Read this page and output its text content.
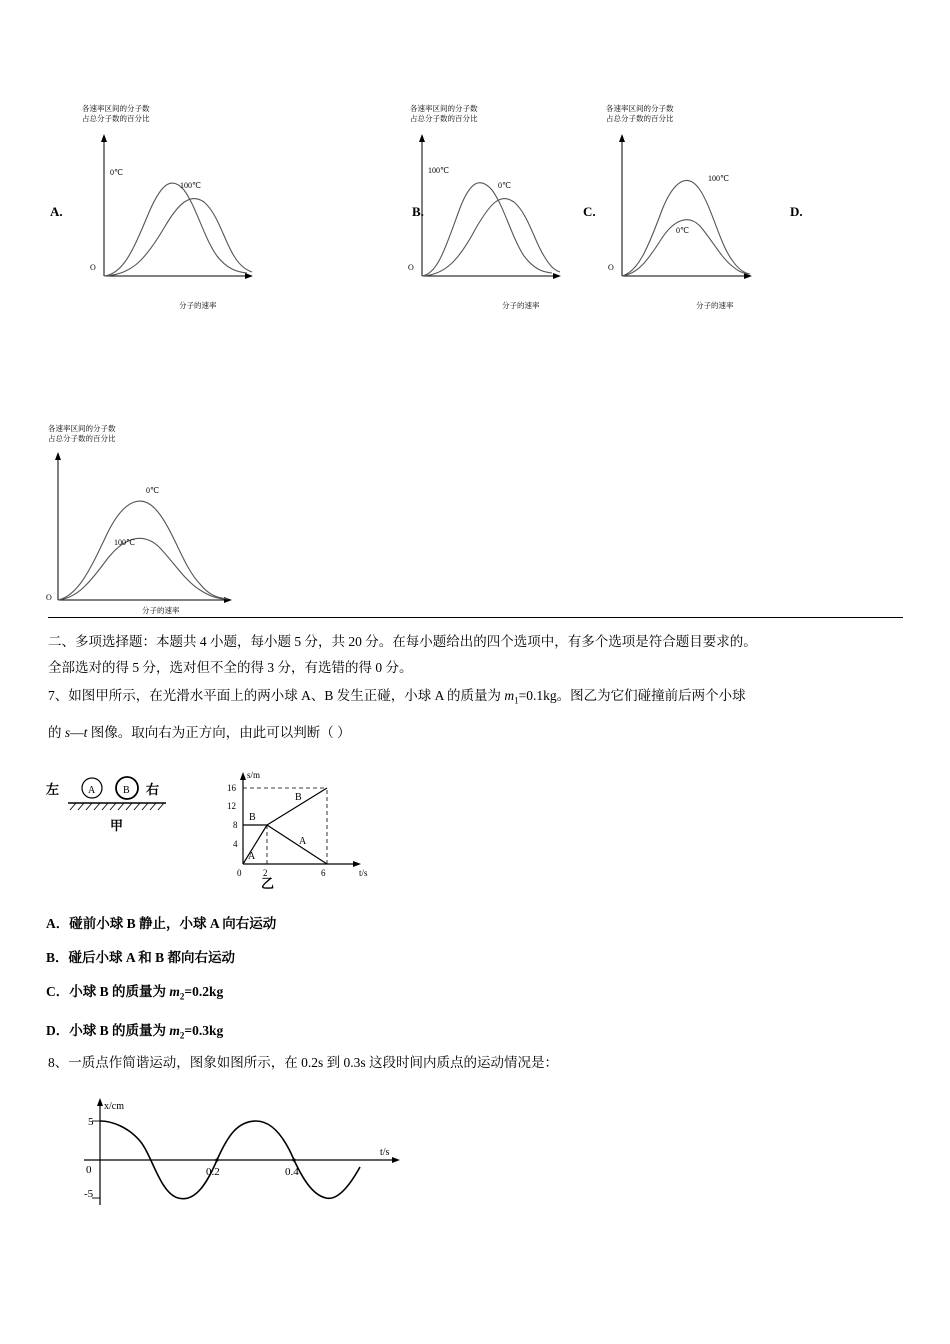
A.
各速率区间的分子数
占总分子数的百分比
分子的速率
O
0℃
100℃
B.
各速率区间的分子数
占总分子数的百分比
分子的速率
O
100℃
0℃
C.
各速率区间的分子数
占总分子数的百分比
分子的速率
O
100℃
0℃
D.
各速率区间的分子数
占总分子数的百分比
分子的速率
O
0℃
100℃
二、多项选择题：本题共 4 小题，每小题 5 分，共 20 分。在每小题给出的四个选项中，有多个选项是符合题目要求的。
全部选对的得 5 分，选对但不全的得 3 分，有选错的得 0 分。
7、如图甲所示，在光滑水平面上的两小球 A、B 发生正碰，小球 A 的质量为 $m_1=0.1kg$。图乙为它们碰撞前后两个小球
的 s—t 图像。取向右为正方向，由此可以判断（ ）
左	A	B 右
甲
s/m
t/s
16
12
8
4
0 2	6
B
A
B
A
乙
A．碰前小球 B 静止，小球 A 向右运动
B．碰后小球 A 和 B 都向右运动
C．小球 B 的质量为 $m_2=0.2kg$
D．小球 B 的质量为 $m_2=0.3kg$
8、一质点作简谐运动，图象如图所示，在 0.2s 到 0.3s 这段时间内质点的运动情况是：
x/cm
t/s
5
-5
0	0.2	0.4
